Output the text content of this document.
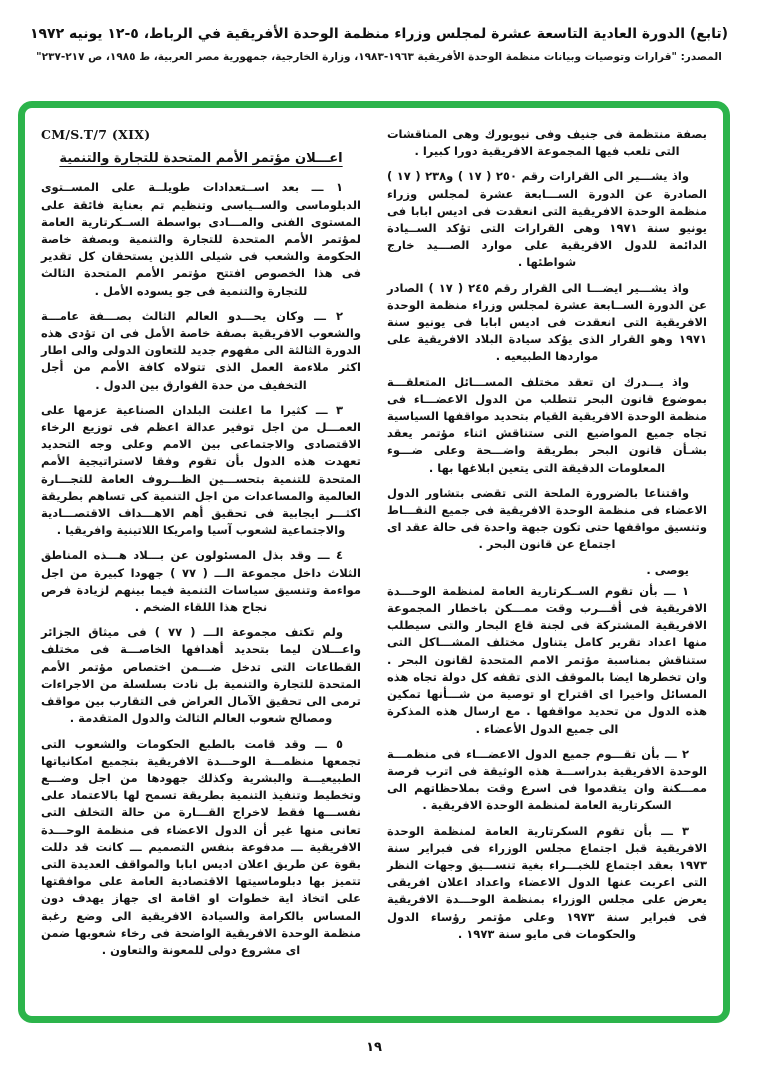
(تابع) الدورة العادية التاسعة عشرة لمجلس وزراء منظمة الوحدة الأفريقية في الرباط، ٥-١٢ يونيه ١٩٧٢
المصدر: "قرارات وتوصيات وبيانات منظمة الوحدة الأفريقية ١٩٦٣-١٩٨٣، وزارة الخارجية، جمهورية مصر العربية، ط ١٩٨٥، ص ٢١٧-٢٣٧"

بصفة منتظمة فى جنيف وفى نيويورك وهى المناقشات التى تلعب فيها المجموعة الافريقية دورا كبيرا .

واذ يشـــير الى القرارات رقم ٢٥٠ ( ١٧ ) و٢٣٨ ( ١٧ ) الصادرة عن الدورة الســـابعة عشرة لمجلس وزراء منظمة الوحدة الافريقية التى انعقدت فى اديس ابابا فى يونيو سنة ١٩٧١ وهى القرارات التى تؤكد الســيادة الدائمة للدول الافريقية على موارد الصـــيد خارج شواطئها .

واذ يشـــير ايضـــا الى القرار رقم ٢٤٥ ( ١٧ ) الصادر عن الدورة الســابعة عشرة لمجلس وزراء منظمة الوحدة الافريقية التى انعقدت فى اديس ابابا فى يونيو سنة ١٩٧١ وهو القرار الذى يؤكد سيادة البلاد الافريقية على مواردها الطبيعيه .

واذ يـــدرك ان تعقد مختلف المســـائل المتعلقـــة بموضوع قانون البحر تتطلب من الدول الاعضـــاء فى منظمة الوحدة الافريقية القيام بتحديد مواقفها السياسية تجاه جميع المواضيع التى ستناقش اثناء مؤتمر يعقد بشـأن قانون البحر بطريقة واضـــحة وعلى ضـــوء المعلومات الدقيقة التى يتعين ابلاغها بها .

واقتناعا بالضرورة الملحة التى تقضى بتشاور الدول الاعضاء فى منظمة الوحدة الافريقية فى جميع النقـــاط وتنسيق مواقفها حتى تكون جبهة واحدة فى حالة عقد اى اجتماع عن قانون البحر .

يوصى .

١ ـــ بأن تقوم الســكرتارية العامة لمنظمة الوحـــدة الافريقية فى أقـــرب وقت ممـــكن باخطار المجموعة الافريقية المشتركة فى لجنة قاع البحار والتى سيطلب منها اعداد تقرير كامل يتناول مختلف المشـــاكل التى ستناقش بمناسبة مؤتمر الامم المتحدة لقانون البحر . وان تخطرها ايضا بالموقف الذى تقفه كل دولة تجاه هذه المسائل واخيرا اى اقتراح او توصية من شـــأنها تمكين هذه الدول من تحديد مواقفها . مع ارسال هذه المذكرة الى جميع الدول الأعضاء .

٢ ـــ بأن تقـــوم جميع الدول الاعضـــاء فى منظمـــة الوحدة الافريقية بدراســـة هذه الوثيقة فى اترب فرصة ممـــكنة وان يتقدموا فى اسرع وقت بملاحظاتهم الى السكرتارية العامة لمنظمة الوحدة الافريقية .

٣ ـــ بأن تقوم السكرتارية العامة لمنظمة الوحدة الافريقية قبل اجتماع مجلس الوزراء فى فبراير سنة ١٩٧٣ بعقد اجتماع للخبـــراء بغية تنســـيق وجهات النظر التى اعربت عنها الدول الاعضاء واعداد اعلان افريقى يعرض على مجلس الوزراء بمنظمة الوحـــدة الافريقية فى فبراير سنة ١٩٧٣ وعلى مؤتمر رؤساء الدول والحكومات فى مايو سنة ١٩٧٣ .

CM/S.T/7 (XIX)
اعـــلان مؤتمر الأمم المتحدة للتجارة والتنمية

١ ـــ بعد اســتعدادات طويلــة على المســتوى الدبلوماسى والســياسى وتنظيم تم بعناية فائقة على المستوى الفنى والمـــادى بواسطة الســكرتارية العامة لمؤتمر الأمم المتحدة للتجارة والتنمية وبصفة خاصة الحكومة والشعب فى شيلى اللذين يستحقان كل تقدير فى هذا الخصوص افتتح مؤتمر الأمم المتحدة الثالث للتجارة والتنمية فى جو يسوده الأمل .

٢ ـــ وكان يحـــدو العالم الثالث بصـــفة عامـــة والشعوب الافريقية بصفة خاصة الأمل فى ان تؤدى هذه الدورة الثالثة الى مفهوم جديد للتعاون الدولى والى اطار اكثر ملاءمة العمل الذى تتولاه كافة الأمم من أجل التخفيف من حدة الفوارق بين الدول .

٣ ـــ كثيرا ما اعلنت البلدان الصناعية عزمها على العمـــل من اجل توفير عدالة اعظم فى توزيع الرخاء الاقتصادى والاجتماعى بين الامم وعلى وجه التحديد تعهدت هذه الدول بأن تقوم وفقا لاستراتيجية الأمم المتحدة للتنمية بتحســـين الظـــروف العامة للتجـــارة العالمية والمساعدات من اجل التنمية كى تساهم بطريقة اكثـــر ايجابية فى تحقيق أهم الاهـــداف الاقتصـــادية والاجتماعية لشعوب آسيا وامريكا اللاتينية وافريقيا .

٤ ـــ وقد بذل المسئولون عن بـــلاد هـــذه المناطق الثلاث داخل مجموعة الـــ ( ٧٧ ) جهودا كبيرة من اجل مواءمة وتنسيق سياسات التنمية فيما بينهم لزيادة فرص نجاح هذا اللقاء الضخم .

ولم تكتف مجموعة الـــ ( ٧٧ ) فى ميثاق الجزائر واعـــلان ليما بتحديد أهدافها الخاصـــة فى مختلف القطاعات التى تدخل ضـــمن اختصاص مؤتمر الأمم المتحدة للتجارة والتنمية بل نادت بسلسلة من الاجراءات ترمى الى تحقيق الآمال العراض فى التقارب بين مواقف ومصالح شعوب العالم الثالث والدول المتقدمة .

٥ ـــ وقد قامت بالطبع الحكومات والشعوب التى تجمعها منظمـــة الوحـــدة الافريقية بتجميع امكانياتها الطبيعيـــة والبشرية وكذلك جهودها من اجل وضـــع وتخطيط وتنفيذ التنمية بطريقة تسمح لها بالاعتماد على نفســـها فقط لاخراج القـــارة من حالة التخلف التى تعانى منها غير أن الدول الاعضاء فى منظمة الوحـــدة الافريقية ـــ مدفوعة بنفس التصميم ـــ كانت قد دللت بقوة عن طريق اعلان اديس ابابا والمواقف العديدة التى تتميز بها دبلوماسيتها الاقتصادية العامة على موافقتها على اتخاذ اية خطوات او اقامة اى جهاز يهدف دون المساس بالكرامة والسيادة الافريقية الى وضع رغبة منظمة الوحدة الافريقية الواضحة فى رخاء شعوبها ضمن اى مشروع دولى للمعونة والتعاون .

١٩
